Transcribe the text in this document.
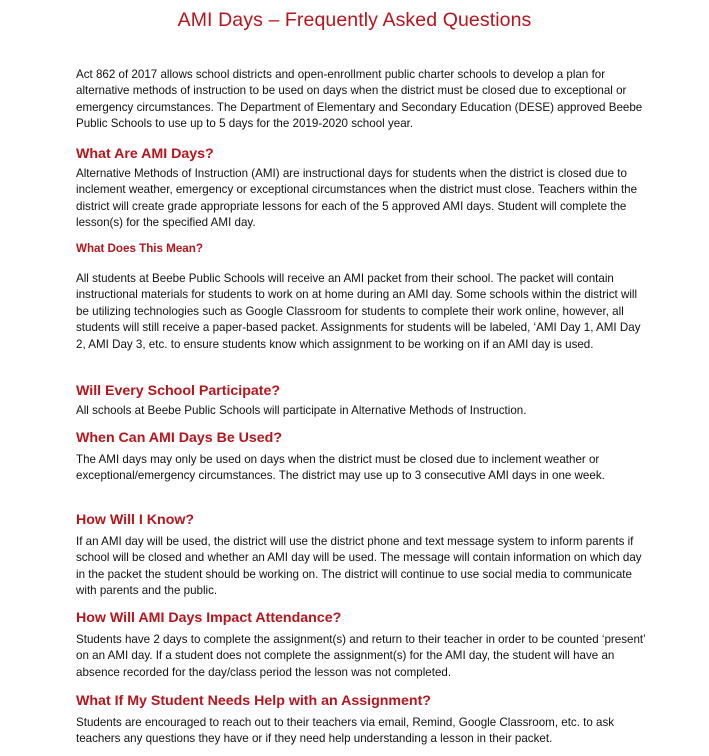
AMI Days – Frequently Asked Questions

Act 862 of 2017 allows school districts and open-enrollment public charter schools to develop a plan for alternative methods of instruction to be used on days when the district must be closed due to exceptional or emergency circumstances. The Department of Elementary and Secondary Education (DESE) approved Beebe Public Schools to use up to 5 days for the 2019-2020 school year.

What Are AMI Days?

Alternative Methods of Instruction (AMI) are instructional days for students when the district is closed due to inclement weather, emergency or exceptional circumstances when the district must close. Teachers within the district will create grade appropriate lessons for each of the 5 approved AMI days. Student will complete the lesson(s) for the specified AMI day.

What Does This Mean?

All students at Beebe Public Schools will receive an AMI packet from their school. The packet will contain instructional materials for students to work on at home during an AMI day. Some schools within the district will be utilizing technologies such as Google Classroom for students to complete their work online, however, all students will still receive a paper-based packet. Assignments for students will be labeled, ‘AMI Day 1, AMI Day 2, AMI Day 3, etc. to ensure students know which assignment to be working on if an AMI day is used.

Will Every School Participate?

All schools at Beebe Public Schools will participate in Alternative Methods of Instruction.

When Can AMI Days Be Used?

The AMI days may only be used on days when the district must be closed due to inclement weather or exceptional/emergency circumstances. The district may use up to 3 consecutive AMI days in one week.

How Will I Know?

If an AMI day will be used, the district will use the district phone and text message system to inform parents if school will be closed and whether an AMI day will be used. The message will contain information on which day in the packet the student should be working on. The district will continue to use social media to communicate with parents and the public.

How Will AMI Days Impact Attendance?

Students have 2 days to complete the assignment(s) and return to their teacher in order to be counted ‘present’ on an AMI day. If a student does not complete the assignment(s) for the AMI day, the student will have an absence recorded for the day/class period the lesson was not completed.

What If My Student Needs Help with an Assignment?

Students are encouraged to reach out to their teachers via email, Remind, Google Classroom, etc. to ask teachers any questions they have or if they need help understanding a lesson in their packet.
